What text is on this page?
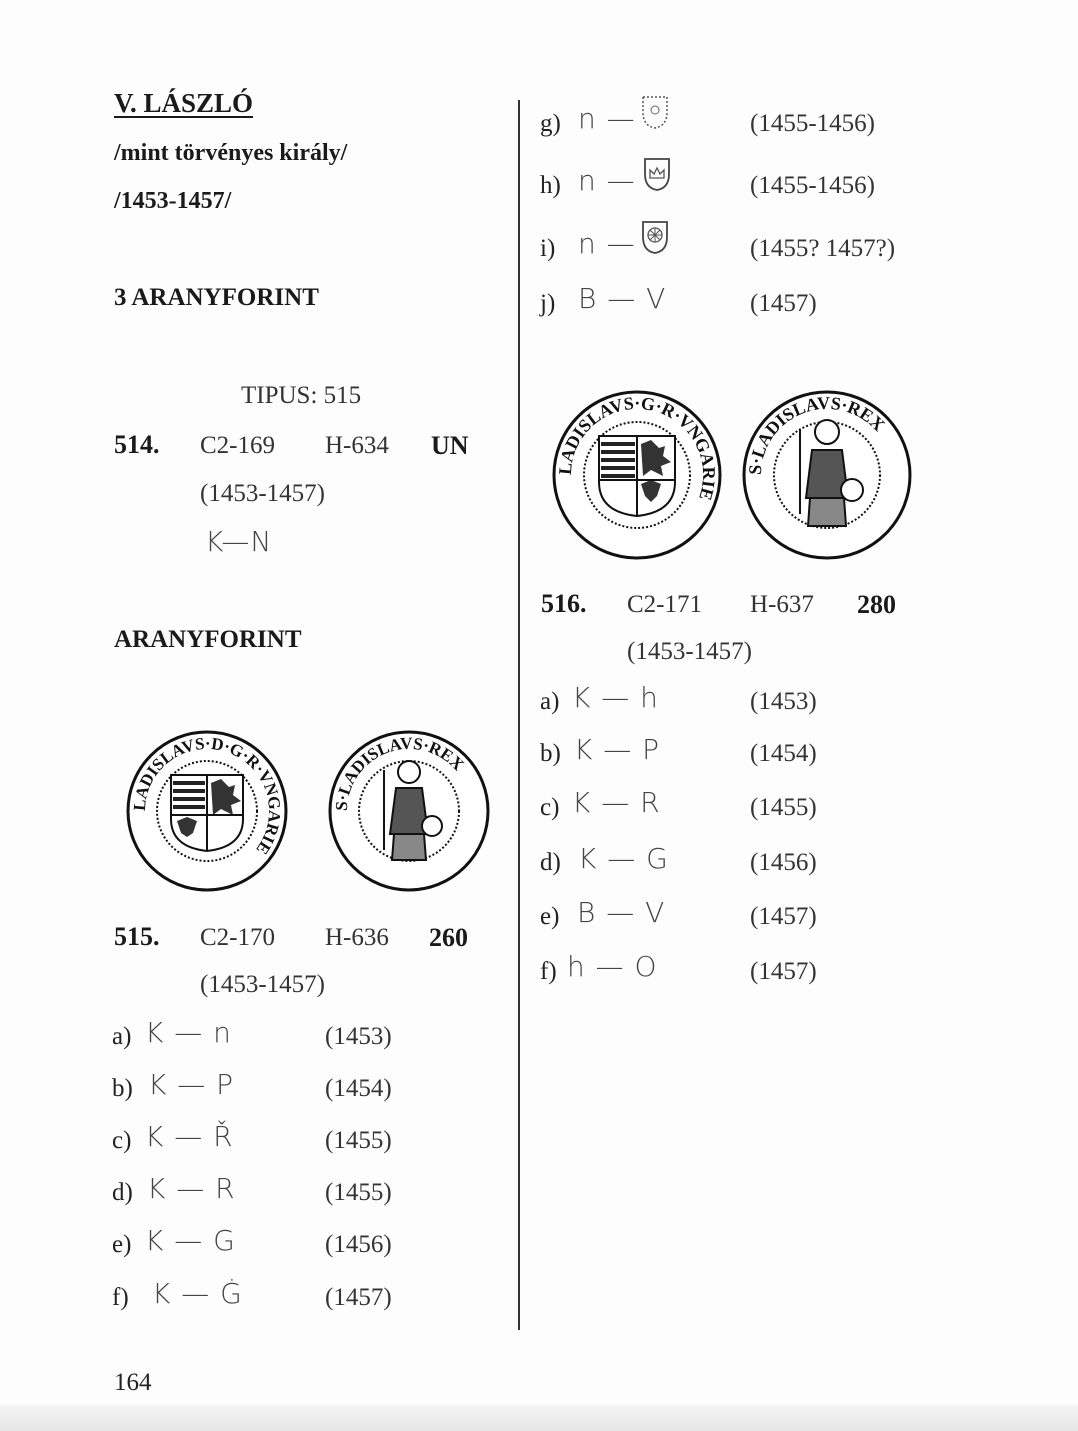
V. LÁSZLÓ
/mint törvényes király/
/1453-1457/
3 ARANYFORINT
TIPUS: 515
514. C2-169 H-634 UN
(1453-1457)
K—N
ARANYFORINT
LADISLAVS·D·G·R·VNGARIE
S·LADISLAVS·REX
515. C2-170 H-636 260
(1453-1457)
a) K — n	(1453)
b) K — P	(1454)
c) K — Ř	(1455)
d) K — R	(1455)
e) K — G	(1456)
f) K — Ġ	(1457)
g) n —	(1455-1456)
h) n —	(1455-1456)
i) n —	(1455? 1457?)
j) B — V	(1457)
LADISLAVS·G·R·VNGARIE
S·LADISLAVS·REX
516. C2-171 H-637 280
(1453-1457)
a) K — h	(1453)
b) K — P	(1454)
c) K — R	(1455)
d) K — G	(1456)
e) B — V	(1457)
f) h — O	(1457)
164
